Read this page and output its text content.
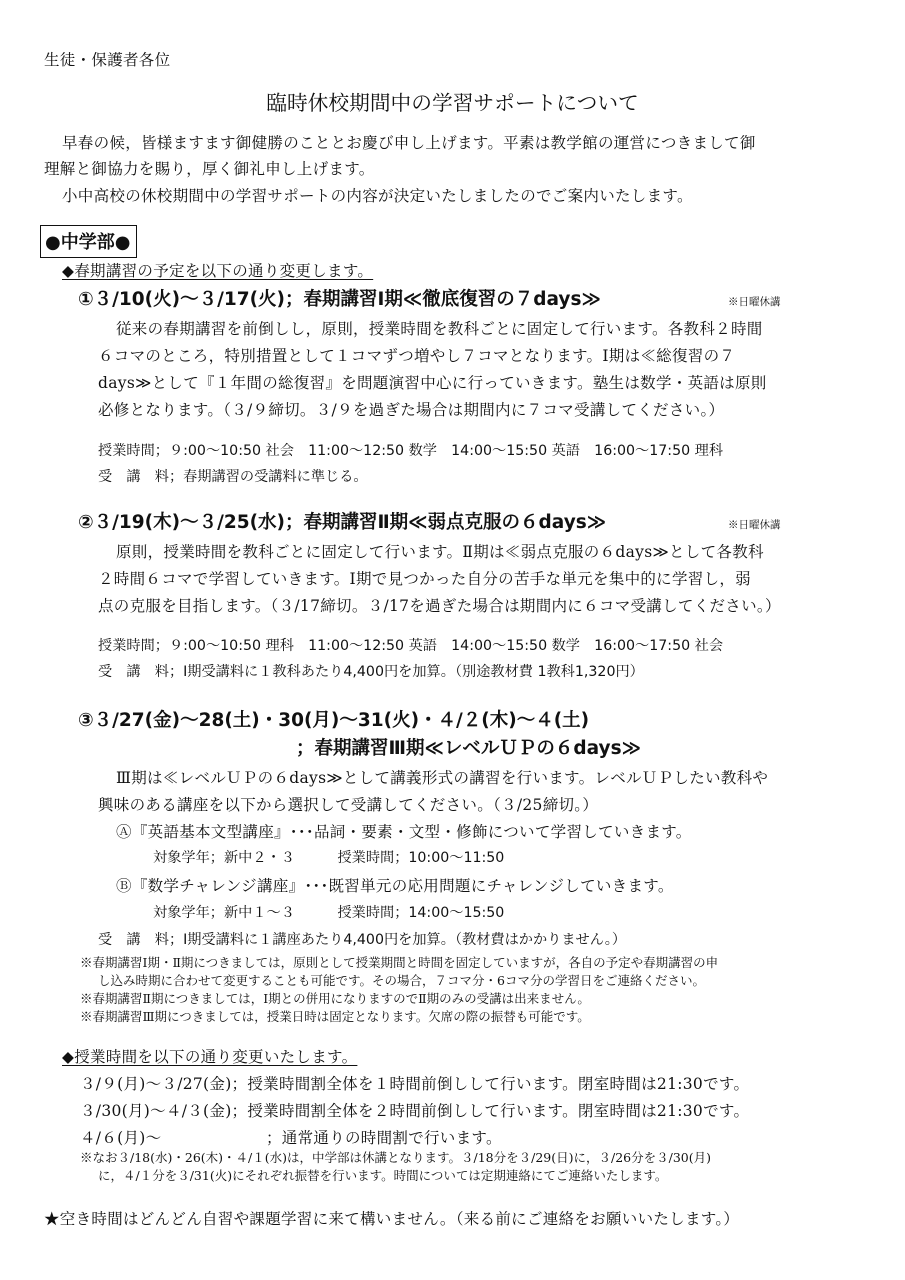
生徒・保護者各位
臨時休校期間中の学習サポートについて
早春の候，皆様ますます御健勝のこととお慶び申し上げます。平素は教学館の運営につきまして御
理解と御協力を賜り，厚く御礼申し上げます。
小中高校の休校期間中の学習サポートの内容が決定いたしましたのでご案内いたします。
●中学部●
◆春期講習の予定を以下の通り変更します。
①３/10(火)～３/17(火)；春期講習Ⅰ期≪徹底復習の７days≫	※日曜休講
従来の春期講習を前倒しし，原則，授業時間を教科ごとに固定して行います。各教科２時間
６コマのところ，特別措置として１コマずつ増やし７コマとなります。Ⅰ期は≪総復習の７
days≫として『１年間の総復習』を問題演習中心に行っていきます。塾生は数学・英語は原則
必修となります。（３/９締切。３/９を過ぎた場合は期間内に７コマ受講してください。）
授業時間；９:00～10:50 社会　11:00～12:50 数学　14:00～15:50 英語　16:00～17:50 理科
受　講　料；春期講習の受講料に準じる。
②３/19(木)～３/25(水)；春期講習Ⅱ期≪弱点克服の６days≫	※日曜休講
原則，授業時間を教科ごとに固定して行います。Ⅱ期は≪弱点克服の６days≫として各教科
２時間６コマで学習していきます。Ⅰ期で見つかった自分の苦手な単元を集中的に学習し，弱
点の克服を目指します。（３/17締切。３/17を過ぎた場合は期間内に６コマ受講してください。）
授業時間；９:00～10:50 理科　11:00～12:50 英語　14:00～15:50 数学　16:00～17:50 社会
受　講　料；Ⅰ期受講料に１教科あたり4,400円を加算。（別途教材費 1教科1,320円）
③３/27(金)～28(土)・30(月)～31(火)・４/２(木)～４(土)
；春期講習Ⅲ期≪レベルＵＰの６days≫
Ⅲ期は≪レベルＵＰの６days≫として講義形式の講習を行います。レベルＵＰしたい教科や
興味のある講座を以下から選択して受講してください。（３/25締切。）
Ⓐ『英語基本文型講座』･･･品詞・要素・文型・修飾について学習していきます。
対象学年；新中２・３　　　授業時間；10:00～11:50
Ⓑ『数学チャレンジ講座』･･･既習単元の応用問題にチャレンジしていきます。
対象学年；新中１～３　　　授業時間；14:00～15:50
受　講　料；Ⅰ期受講料に１講座あたり4,400円を加算。（教材費はかかりません。）
※春期講習Ⅰ期・Ⅱ期につきましては，原則として授業期間と時間を固定していますが，各自の予定や春期講習の申
し込み時期に合わせて変更することも可能です。その場合，７コマ分・6コマ分の学習日をご連絡ください。
※春期講習Ⅱ期につきましては，Ⅰ期との併用になりますのでⅡ期のみの受講は出来ません。
※春期講習Ⅲ期につきましては，授業日時は固定となります。欠席の際の振替も可能です。
◆授業時間を以下の通り変更いたします。
３/９(月)～３/27(金)；授業時間割全体を１時間前倒しして行います。閉室時間は21:30です。
３/30(月)～４/３(金)；授業時間割全体を２時間前倒しして行います。閉室時間は21:30です。
４/６(月)～	；通常通りの時間割で行います。
※なお３/18(水)・26(木)・４/１(水)は，中学部は休講となります。３/18分を３/29(日)に，３/26分を３/30(月)
に，４/１分を３/31(火)にそれぞれ振替を行います。時間については定期連絡にてご連絡いたします。
★空き時間はどんどん自習や課題学習に来て構いません。（来る前にご連絡をお願いいたします。）
